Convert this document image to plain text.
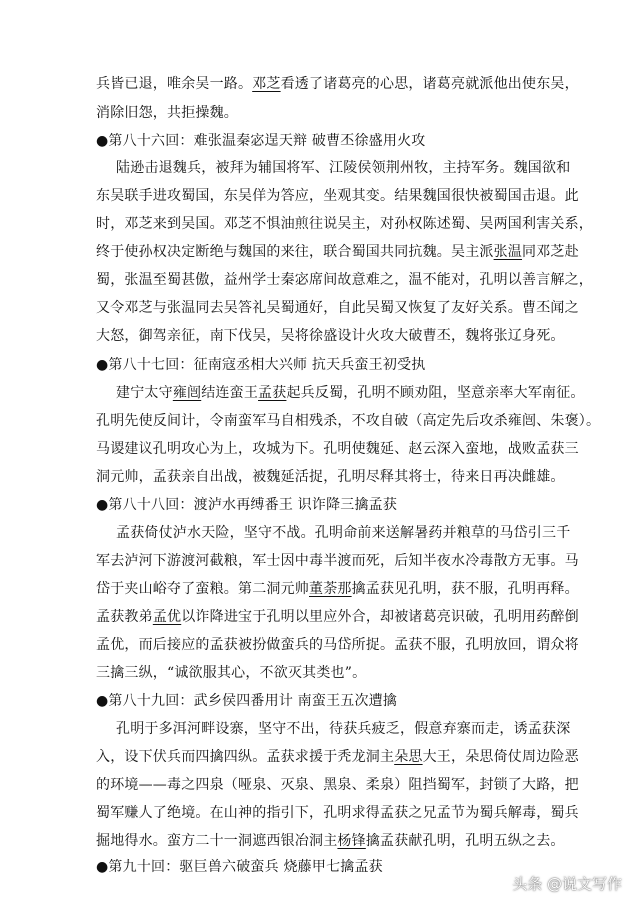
兵皆已退，唯余吴一路。邓芝看透了诸葛亮的心思，诸葛亮就派他出使东吴，
消除旧怨，共拒操魏。
●第八十六回：难张温秦宓逞天辩 破曹丕徐盛用火攻
陆逊击退魏兵，被拜为辅国将军、江陵侯领荆州牧，主持军务。魏国欲和
东吴联手进攻蜀国，东吴佯为答应，坐观其变。结果魏国很快被蜀国击退。此
时，邓芝来到吴国。邓芝不惧油煎往说吴主，对孙权陈述蜀、吴两国利害关系，
终于使孙权决定断绝与魏国的来往，联合蜀国共同抗魏。吴主派张温同邓芝赴
蜀，张温至蜀甚傲，益州学士秦宓席间故意难之，温不能对，孔明以善言解之，
又令邓芝与张温同去吴答礼吴蜀通好，自此吴蜀又恢复了友好关系。曹丕闻之
大怒，御驾亲征，南下伐吴，吴将徐盛设计火攻大破曹丕，魏将张辽身死。
●第八十七回：征南寇丞相大兴师 抗天兵蛮王初受执
建宁太守雍闿结连蛮王孟获起兵反蜀，孔明不顾劝阻，坚意亲率大军南征。
孔明先使反间计，令南蛮军马自相残杀，不攻自破（高定先后攻杀雍闿、朱褒）。
马谡建议孔明攻心为上，攻城为下。孔明使魏延、赵云深入蛮地，战败孟获三
洞元帅，孟获亲自出战，被魏延活捉，孔明尽释其将士，待来日再决雌雄。
●第八十八回：渡泸水再缚番王 识诈降三擒孟获
孟获倚仗泸水天险，坚守不战。孔明命前来送解暑药并粮草的马岱引三千
军去泸河下游渡河截粮，军士因中毒半渡而死，后知半夜水冷毒散方无事。马
岱于夹山峪夺了蛮粮。第二洞元帅董荼那擒孟获见孔明，获不服，孔明再释。
孟获教弟孟优以诈降进宝于孔明以里应外合，却被诸葛亮识破，孔明用药醉倒
孟优，而后接应的孟获被扮做蛮兵的马岱所捉。孟获不服，孔明放回，谓众将
三擒三纵，“诚欲服其心，不欲灭其类也”。
●第八十九回：武乡侯四番用计 南蛮王五次遭擒
孔明于多洱河畔设寨，坚守不出，待获兵疲乏，假意弃寨而走，诱孟获深
入，设下伏兵而四擒四纵。孟获求援于秃龙洞主朵思大王，朵思倚仗周边险恶
的环境——毒之四泉（哑泉、灭泉、黑泉、柔泉）阻挡蜀军，封锁了大路，把
蜀军赚人了绝境。在山神的指引下，孔明求得孟获之兄孟节为蜀兵解毒，蜀兵
掘地得水。蛮方二十一洞遮西银冶洞主杨锋擒孟获献孔明，孔明五纵之去。
●第九十回：驱巨兽六破蛮兵 烧藤甲七擒孟获
头条 @说文写作
